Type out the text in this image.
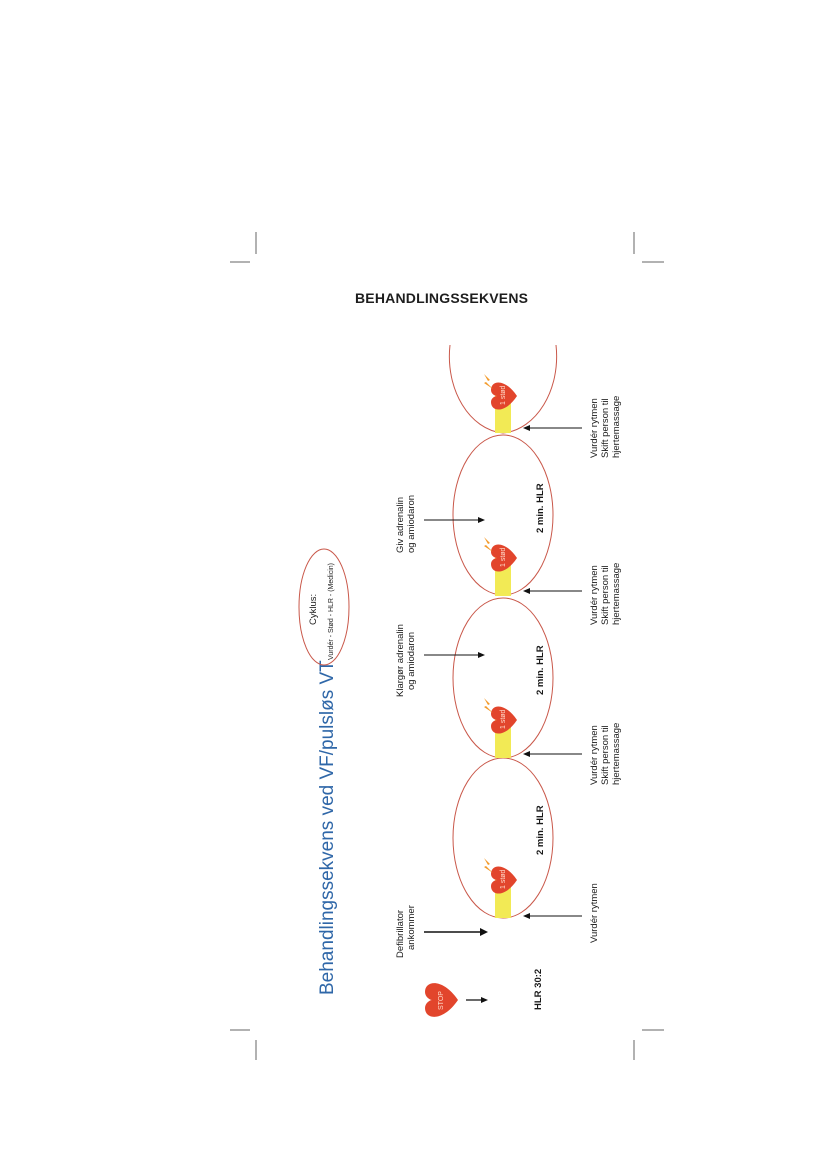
BEHANDLINGSSEKVENS
Behandlingssekvens ved VF/pulsløs VT
Cyklus: Vurdér - Stød - HLR - (Medicin)
1 stød
1 stød
1 stød
1 stød
2 min. HLR
2 min. HLR
2 min. HLR
STOP	HLR 30:2
Defibrillator ankommer
Klargør adrenalin og amiodaron
Giv adrenalin og amiodaron
Vurdér rytmen
Vurdér rytmen Skift person til hjertemassage
Vurdér rytmen Skift person til hjertemassage
Vurdér rytmen Skift person til hjertemassage
